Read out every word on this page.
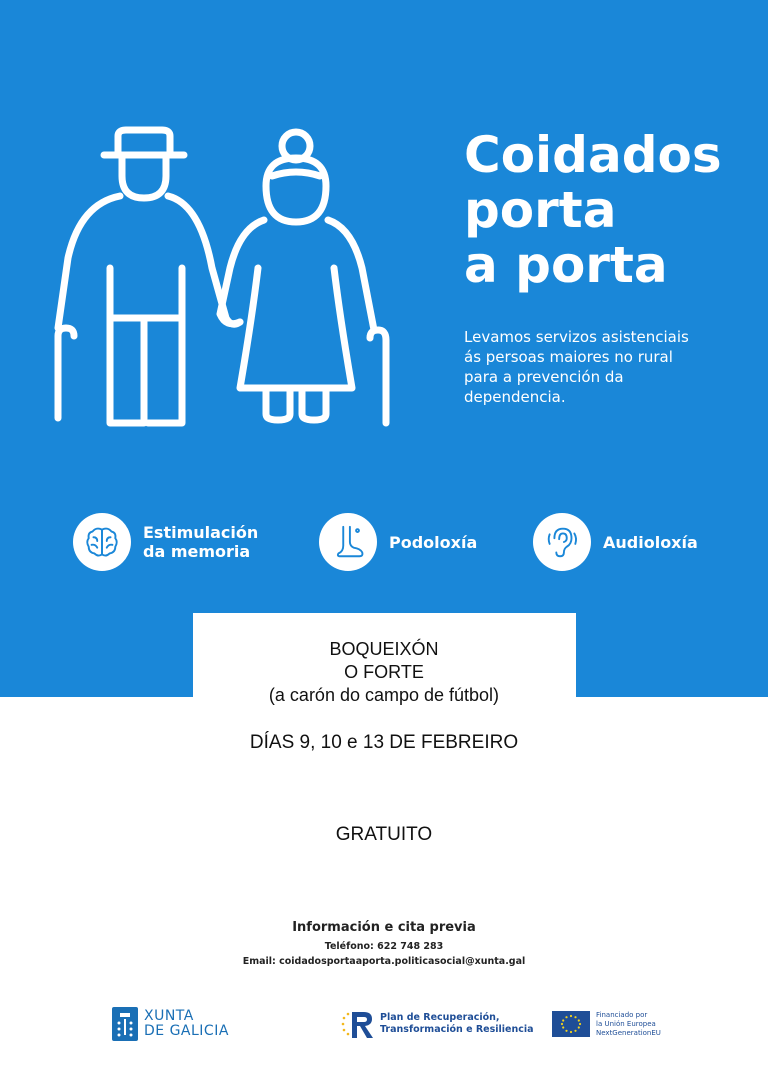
Coidados
porta
a porta
Levamos servizos asistenciais
ás persoas maiores no rural
para a prevención da
dependencia.
Estimulación
da memoria	Podoloxía	Audioloxía
BOQUEIXÓN
O FORTE
(a carón do campo de fútbol)
DÍAS 9, 10 e 13 DE FEBREIRO
GRATUITO
Información e cita previa
Teléfono: 622 748 283
Email: coidadosportaaporta.politicasocial@xunta.gal
XUNTA
DE GALICIA
Plan de Recuperación,
Transformación e Resiliencia
Financiado por
la Unión Europea
NextGenerationEU
